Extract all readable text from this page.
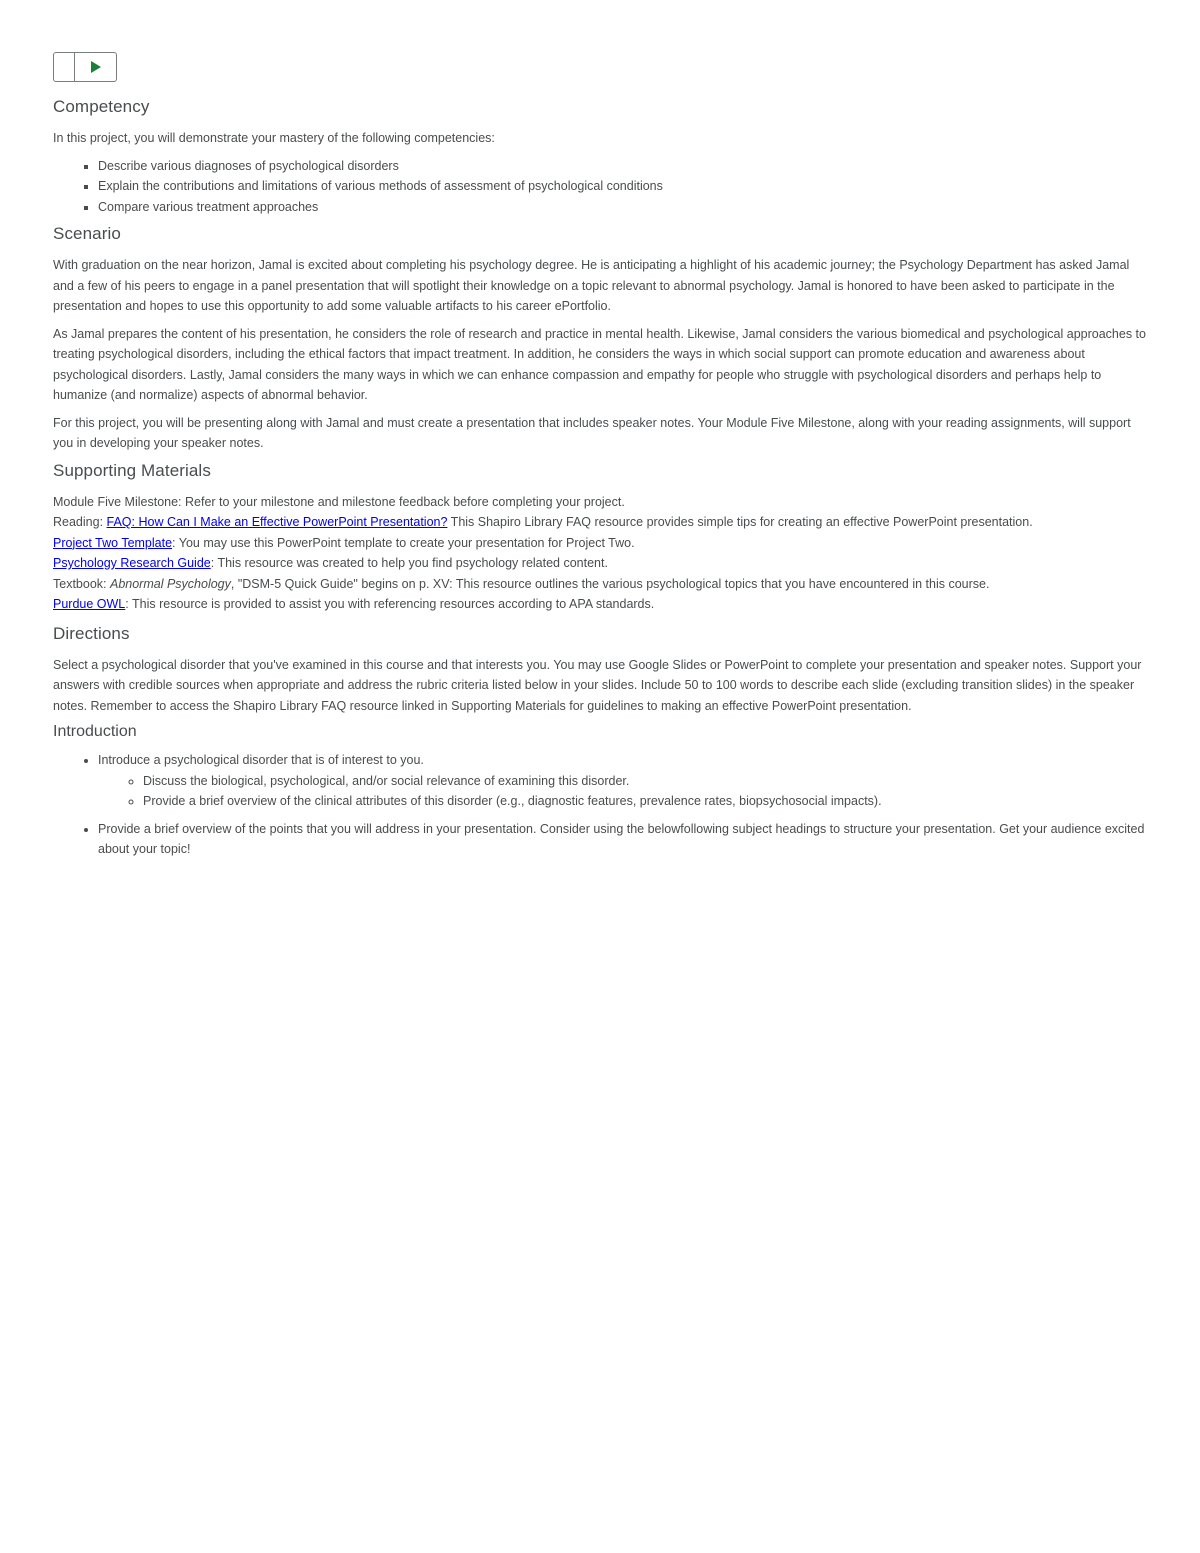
Competency

In this project, you will demonstrate your mastery of the following competencies:

▪ Describe various diagnoses of psychological disorders
▪ Explain the contributions and limitations of various methods of assessment of psychological conditions
▪ Compare various treatment approaches
Scenario

With graduation on the near horizon, Jamal is excited about completing his psychology degree. He is anticipating a highlight of his academic journey; the Psychology Department has asked Jamal and a few of his peers to engage in a panel presentation that will spotlight their knowledge on a topic relevant to abnormal psychology. Jamal is honored to have been asked to participate in the presentation and hopes to use this opportunity to add some valuable artifacts to his career ePortfolio.

As Jamal prepares the content of his presentation, he considers the role of research and practice in mental health. Likewise, Jamal considers the various biomedical and psychological approaches to treating psychological disorders, including the ethical factors that impact treatment. In addition, he considers the ways in which social support can promote education and awareness about psychological disorders. Lastly, Jamal considers the many ways in which we can enhance compassion and empathy for people who struggle with psychological disorders and perhaps help to humanize (and normalize) aspects of abnormal behavior.

For this project, you will be presenting along with Jamal and must create a presentation that includes speaker notes. Your Module Five Milestone, along with your reading assignments, will support you in developing your speaker notes.

Supporting Materials
Module Five Milestone: Refer to your milestone and milestone feedback before completing your project.
Reading: FAQ: How Can I Make an Effective PowerPoint Presentation? This Shapiro Library FAQ resource provides simple tips for creating an effective PowerPoint presentation.
Project Two Template: You may use this PowerPoint template to create your presentation for Project Two.
Psychology Research Guide: This resource was created to help you find psychology related content.
Textbook: Abnormal Psychology, "DSM-5 Quick Guide" begins on p. XV: This resource outlines the various psychological topics that you have encountered in this course.
Purdue OWL: This resource is provided to assist you with referencing resources according to APA standards.
Directions

Select a psychological disorder that you've examined in this course and that interests you. You may use Google Slides or PowerPoint to complete your presentation and speaker notes. Support your answers with credible sources when appropriate and address the rubric criteria listed below in your slides. Include 50 to 100 words to describe each slide (excluding transition slides) in the speaker notes. Remember to access the Shapiro Library FAQ resource linked in Supporting Materials for guidelines to making an effective PowerPoint presentation.

Introduction
• Introduce a psychological disorder that is of interest to you.
◦ Discuss the biological, psychological, and/or social relevance of examining this disorder.
◦ Provide a brief overview of the clinical attributes of this disorder (e.g., diagnostic features, prevalence rates, biopsychosocial impacts).
• Provide a brief overview of the points that you will address in your presentation. Consider using the belowfollowing subject headings to structure your presentation. Get your audience excited about your topic!
